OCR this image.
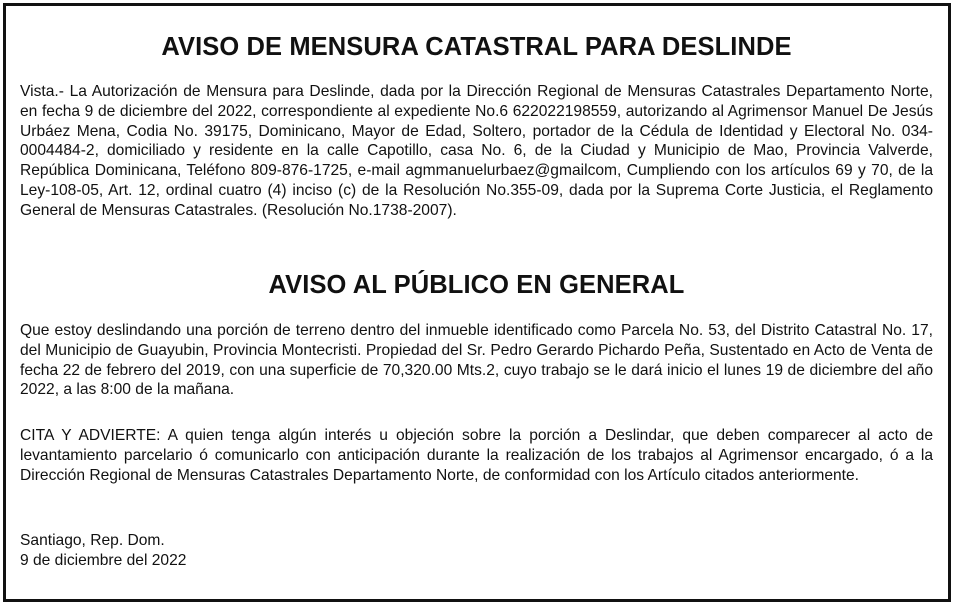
AVISO DE MENSURA CATASTRAL PARA DESLINDE

Vista.- La Autorización de Mensura para Deslinde, dada por la Dirección Regional de Mensuras Catastrales Departamento Norte, en fecha 9 de diciembre del 2022, correspondiente al expediente No.6 622022198559, autorizando al Agrimensor Manuel De Jesús Urbáez Mena, Codia No. 39175, Dominicano, Mayor de Edad, Soltero, portador de la Cédula de Identidad y Electoral No. 034-0004484-2, domiciliado y residente en la calle Capotillo, casa No. 6, de la Ciudad y Municipio de Mao, Provincia Valverde, República Dominicana, Teléfono 809-876-1725, e-mail agmmanuelurbaez@gmailcom, Cumpliendo con los artículos 69 y 70, de la Ley-108-05, Art. 12, ordinal cuatro (4) inciso (c) de la Resolución No.355-09, dada por la Suprema Corte Justicia, el Reglamento General de Mensuras Catastrales. (Resolución No.1738-2007).

AVISO AL PÚBLICO EN GENERAL

Que estoy deslindando una porción de terreno dentro del inmueble identificado como Parcela No. 53, del Distrito Catastral No. 17, del Municipio de Guayubin, Provincia Montecristi. Propiedad del Sr. Pedro Gerardo Pichardo Peña, Sustentado en Acto de Venta de fecha 22 de febrero del 2019, con una superficie de 70,320.00 Mts.2, cuyo trabajo se le dará inicio el lunes 19 de diciembre del año 2022, a las 8:00 de la mañana.

CITA Y ADVIERTE: A quien tenga algún interés u objeción sobre la porción a Deslindar, que deben comparecer al acto de levantamiento parcelario ó comunicarlo con anticipación durante la realización de los trabajos al Agrimensor encargado, ó a la Dirección Regional de Mensuras Catastrales Departamento Norte, de conformidad con los Artículo citados anteriormente.

Santiago, Rep. Dom.
9 de diciembre del 2022
